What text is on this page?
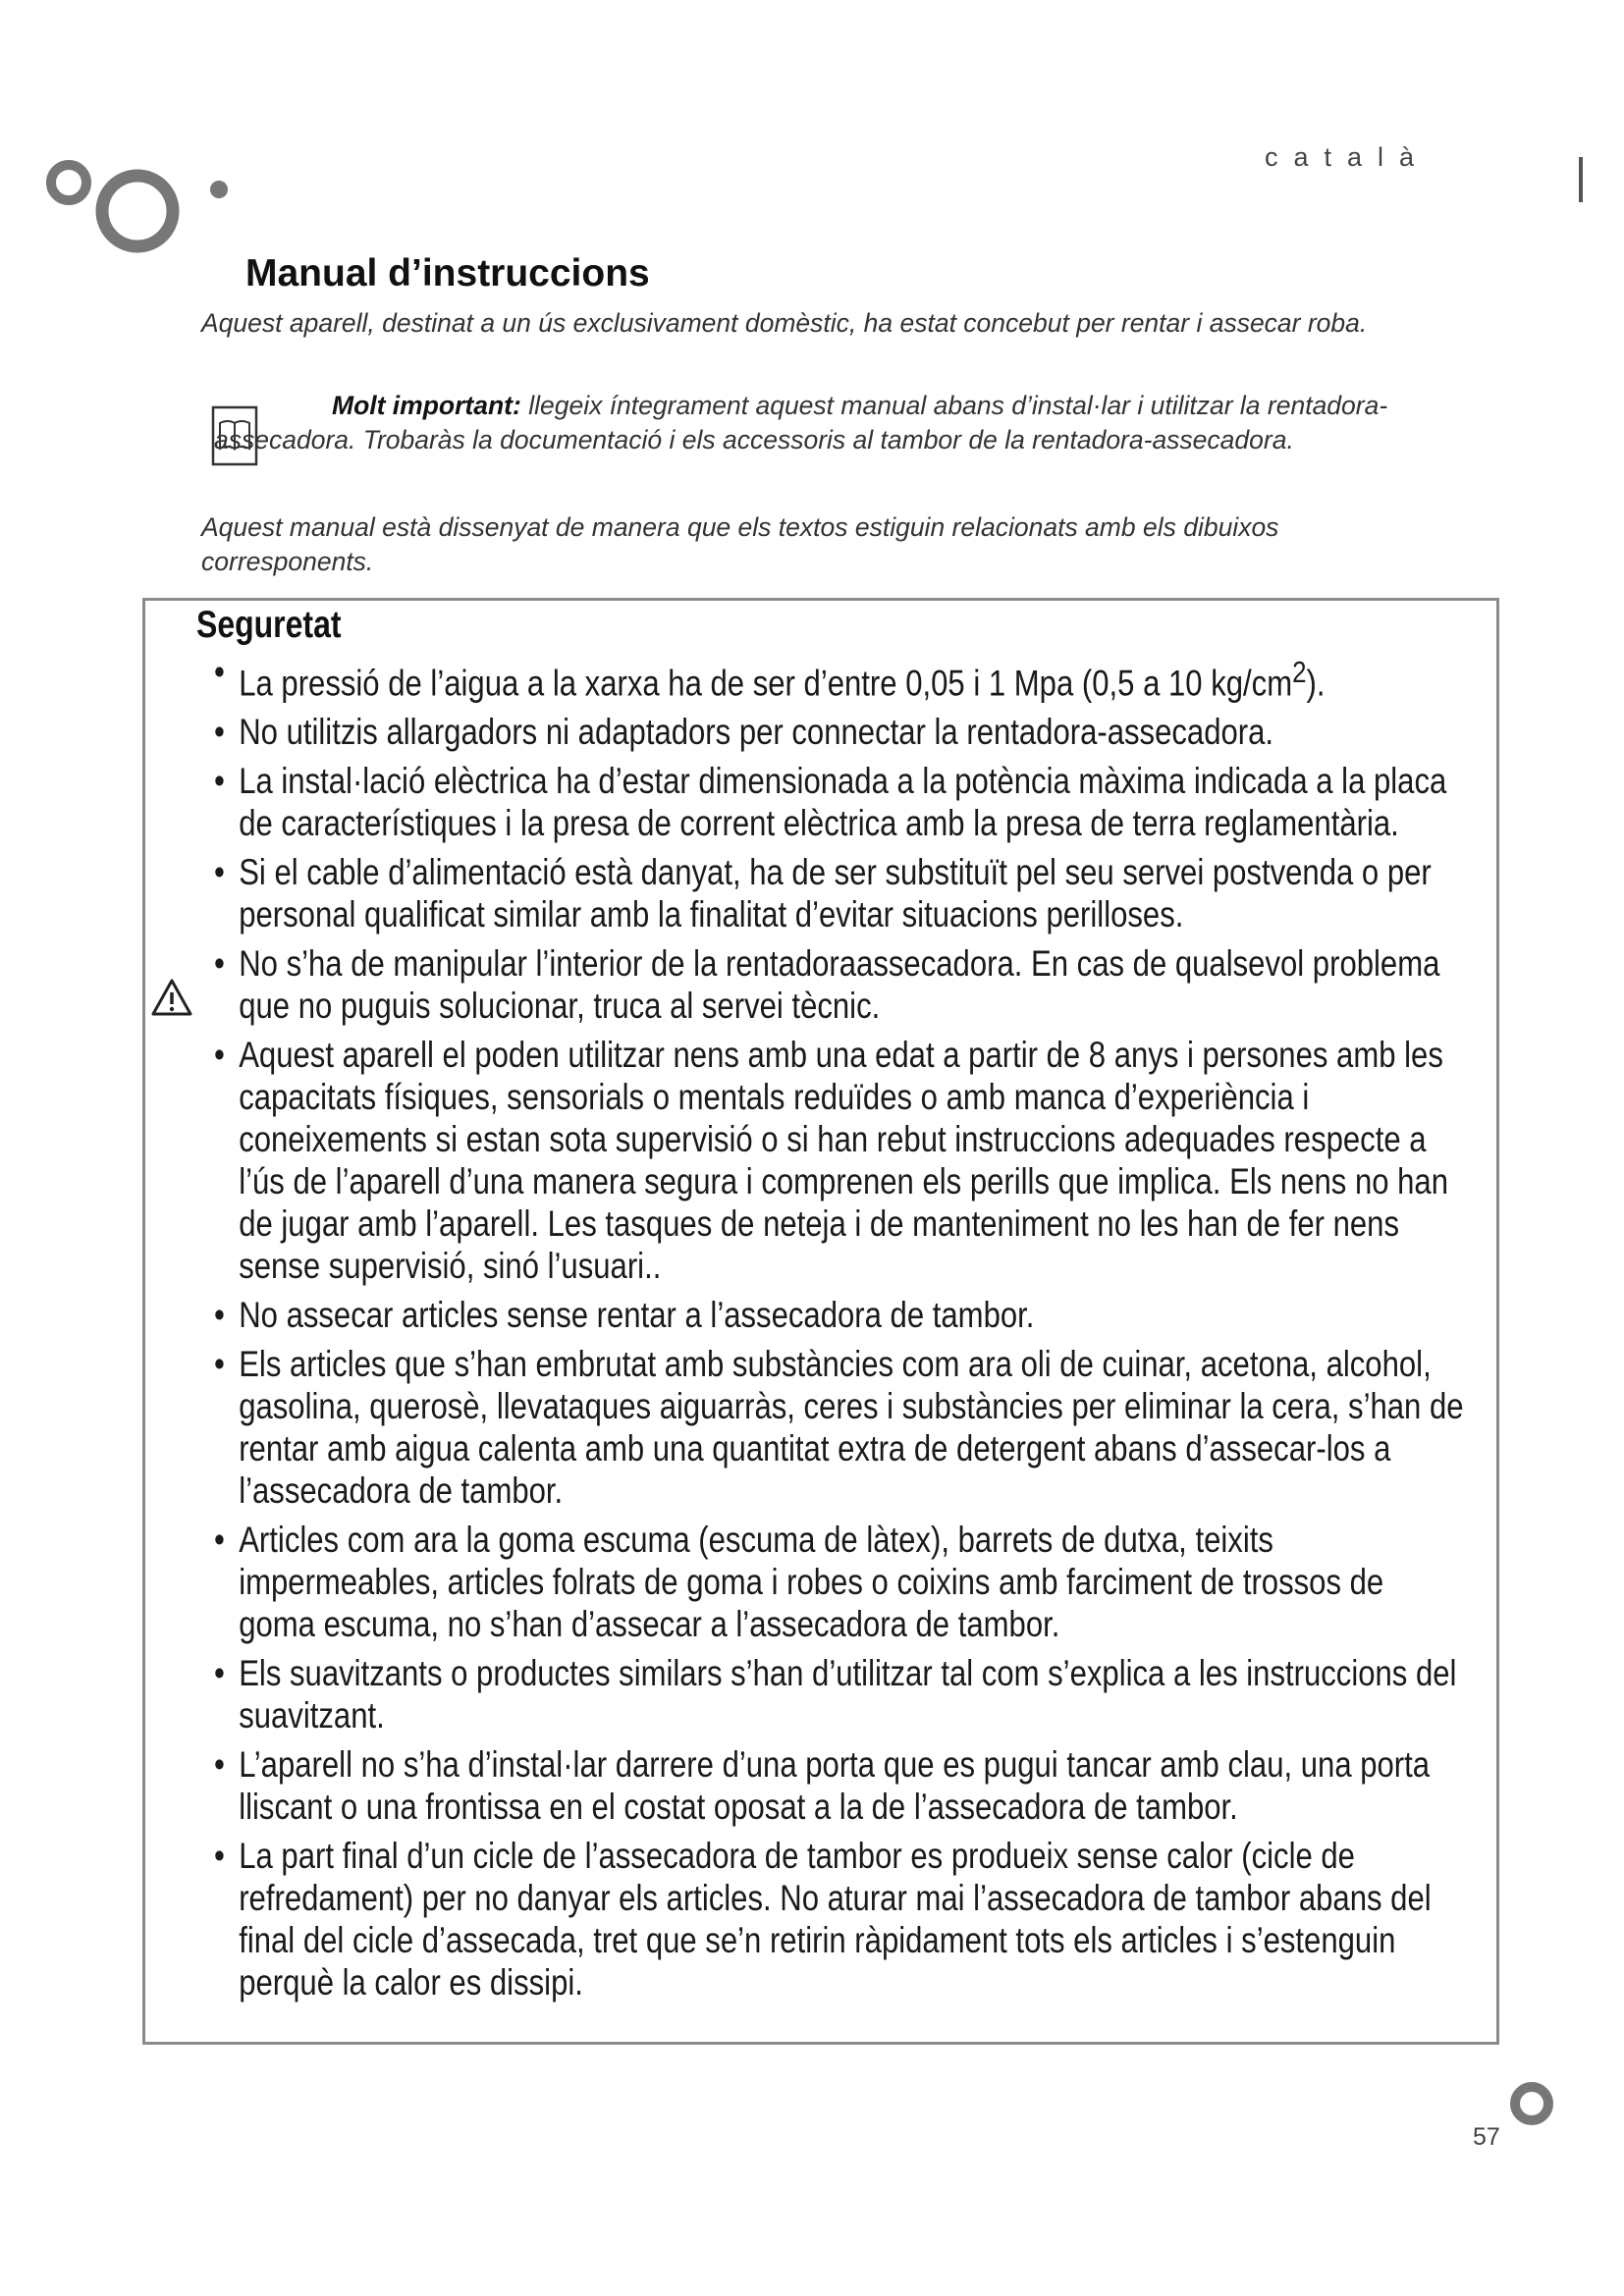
català
Manual d’instruccions

Aquest aparell, destinat a un ús exclusivament domèstic, ha estat concebut per rentar i assecar roba.

Molt important: llegeix íntegrament aquest manual abans d’instal·lar i utilitzar la rentadora-assecadora. Trobaràs la documentació i els accessoris al tambor de la rentadora-assecadora.

Aquest manual està dissenyat de manera que els textos estiguin relacionats amb els dibuixos corresponents.

Seguretat
• La pressió de l’aigua a la xarxa ha de ser d’entre 0,05 i 1 Mpa (0,5 a 10 $kg/cm^2$).
• No utilitzis allargadors ni adaptadors per connectar la rentadora-assecadora.
• La instal·lació elèctrica ha d’estar dimensionada a la potència màxima indicada a la placa de característiques i la presa de corrent elèctrica amb la presa de terra reglamentària.
• Si el cable d’alimentació està danyat, ha de ser substituït pel seu servei postvenda o per personal qualificat similar amb la finalitat d’evitar situacions perilloses.
• No s’ha de manipular l’interior de la rentadoraassecadora. En cas de qualsevol problema que no puguis solucionar, truca al servei tècnic.
• Aquest aparell el poden utilitzar nens amb una edat a partir de 8 anys i persones amb les capacitats físiques, sensorials o mentals reduïdes o amb manca d’experiència i coneixements si estan sota supervisió o si han rebut instruccions adequades respecte a l’ús de l’aparell d’una manera segura i comprenen els perills que implica. Els nens no han de jugar amb l’aparell. Les tasques de neteja i de manteniment no les han de fer nens sense supervisió, sinó l’usuari..
• No assecar articles sense rentar a l’assecadora de tambor.
• Els articles que s’han embrutat amb substàncies com ara oli de cuinar, acetona, alcohol, gasolina, querosè, llevataques aiguarràs, ceres i substàncies per eliminar la cera, s’han de rentar amb aigua calenta amb una quantitat extra de detergent abans d’assecar-los a l’assecadora de tambor.
• Articles com ara la goma escuma (escuma de làtex), barrets de dutxa, teixits impermeables, articles folrats de goma i robes o coixins amb farciment de trossos de goma escuma, no s’han d’assecar a l’assecadora de tambor.
• Els suavitzants o productes similars s’han d’utilitzar tal com s’explica a les instruccions del suavitzant.
• L’aparell no s’ha d’instal·lar darrere d’una porta que es pugui tancar amb clau, una porta lliscant o una frontissa en el costat oposat a la de l’assecadora de tambor.
• La part final d’un cicle de l’assecadora de tambor es produeix sense calor (cicle de refredament) per no danyar els articles. No aturar mai l’assecadora de tambor abans del final del cicle d’assecada, tret que se’n retirin ràpidament tots els articles i s’estenguin perquè la calor es dissipi.
57
